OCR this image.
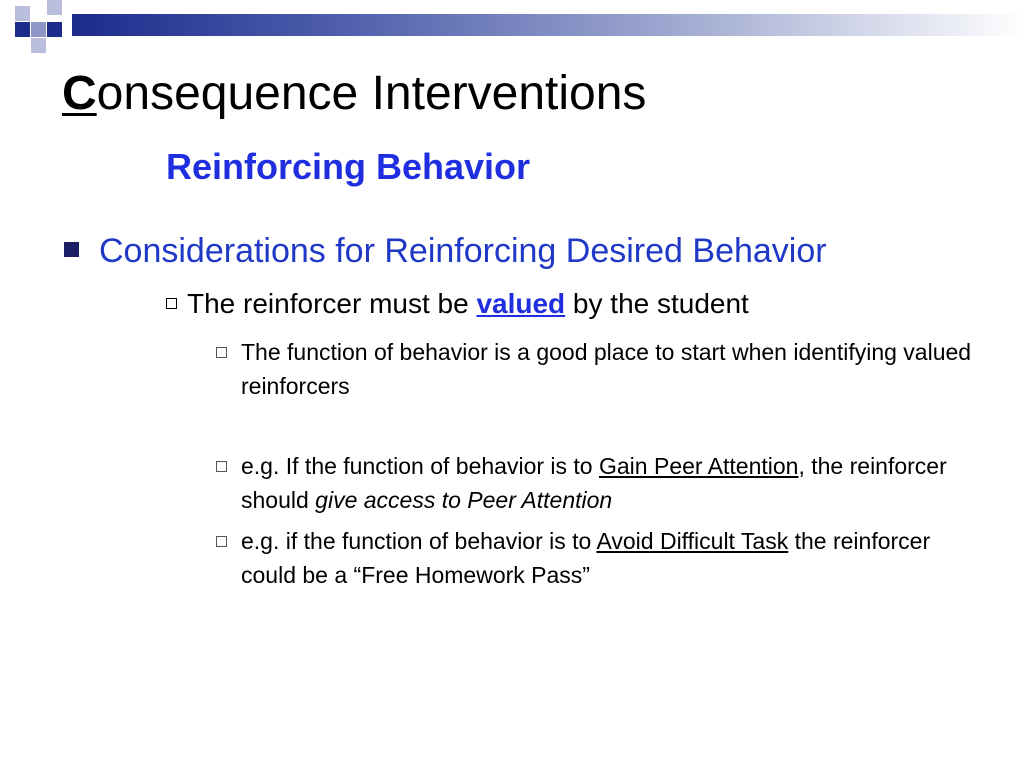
Consequence Interventions
Reinforcing Behavior
Considerations for Reinforcing Desired Behavior
The reinforcer must be valued by the student
The function of behavior is a good place to start when identifying valued reinforcers
e.g. If the function of behavior is to Gain Peer Attention, the reinforcer should give access to Peer Attention
e.g. if the function of behavior is to Avoid Difficult Task the reinforcer could be a “Free Homework Pass”
